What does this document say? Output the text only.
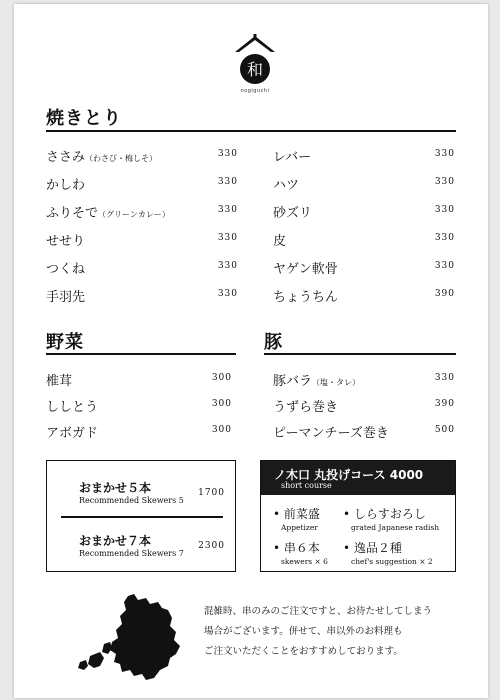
和
nogiguchi
焼きとり
ささみ（わさび・梅しそ）	330
かしわ	330
ふりそで（グリーンカレー）	330
せせり	330
つくね	330
手羽先	330
レバー	330
ハツ	330
砂ズリ	330
皮	330
ヤゲン軟骨	330
ちょうちん	390
野菜
椎茸	300
ししとう	300
アボガド	300
豚
豚バラ（塩・タレ）	330
うずら巻き	390
ピーマンチーズ巻き	500
おまかせ５本
Recommended Skewers 5
1700
おまかせ７本
Recommended Skewers 7
2300
ノ木口 丸投げコース 4000
short course
• 前菜盛
Appetizer
• しらすおろし
grated Japanese radish
• 串６本
skewers × 6
• 逸品２種
chef's suggestion × 2

混雑時、串のみのご注文ですと、お待たせしてしまう

場合がございます。併せて、串以外のお料理も

ご注文いただくことをおすすめしております。
